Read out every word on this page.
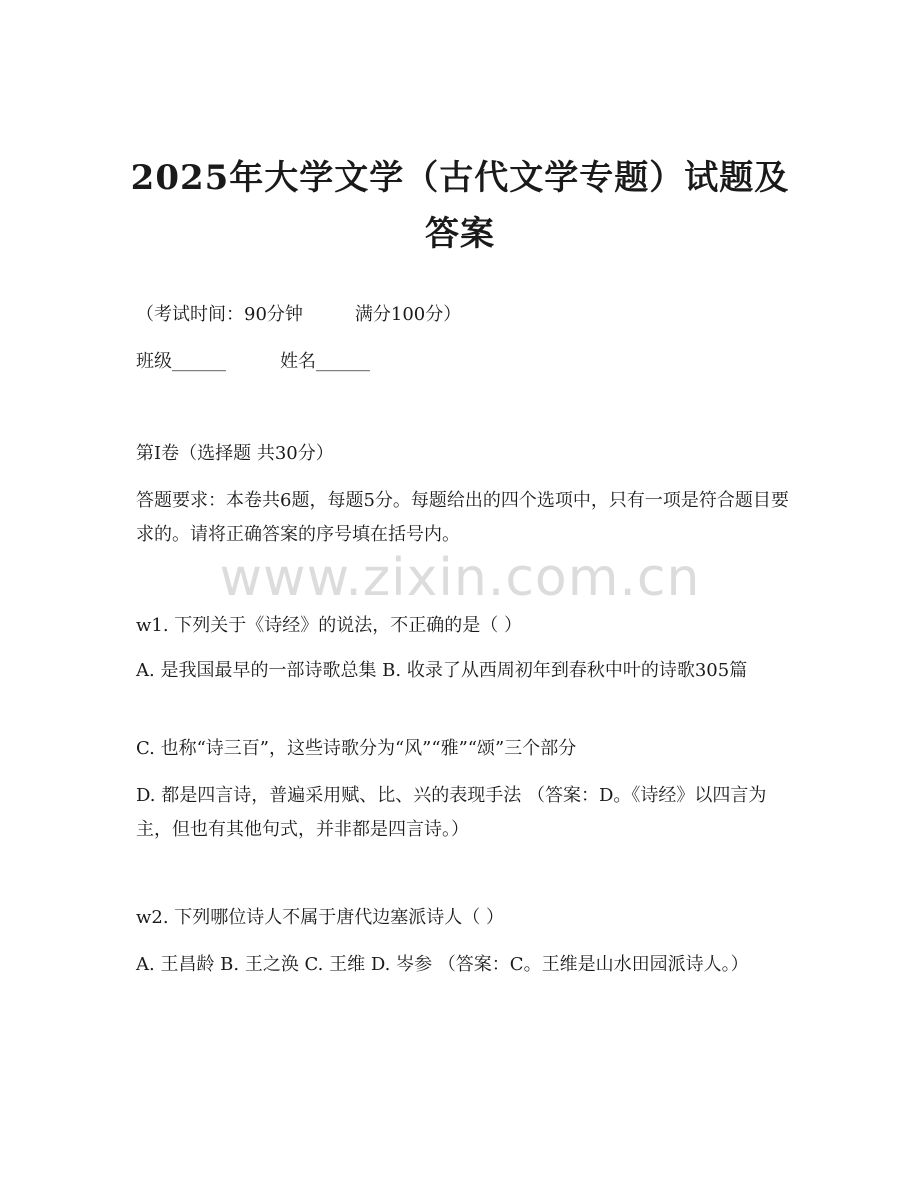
2025年大学文学（古代文学专题）试题及答案
（考试时间：90分钟	满分100分）
班级______	姓名______
第I卷（选择题 共30分）
答题要求：本卷共6题，每题5分。每题给出的四个选项中，只有一项是符合题目要求的。请将正确答案的序号填在括号内。
www.zixin.com.cn
w1. 下列关于《诗经》的说法，不正确的是（ ）
A. 是我国最早的一部诗歌总集 B. 收录了从西周初年到春秋中叶的诗歌305篇
C. 也称“诗三百”，这些诗歌分为“风”“雅”“颂”三个部分
D. 都是四言诗，普遍采用赋、比、兴的表现手法 （答案：D。《诗经》以四言为主，但也有其他句式，并非都是四言诗。）
w2. 下列哪位诗人不属于唐代边塞派诗人（ ）
A. 王昌龄 B. 王之涣 C. 王维 D. 岑参 （答案：C。王维是山水田园派诗人。）
